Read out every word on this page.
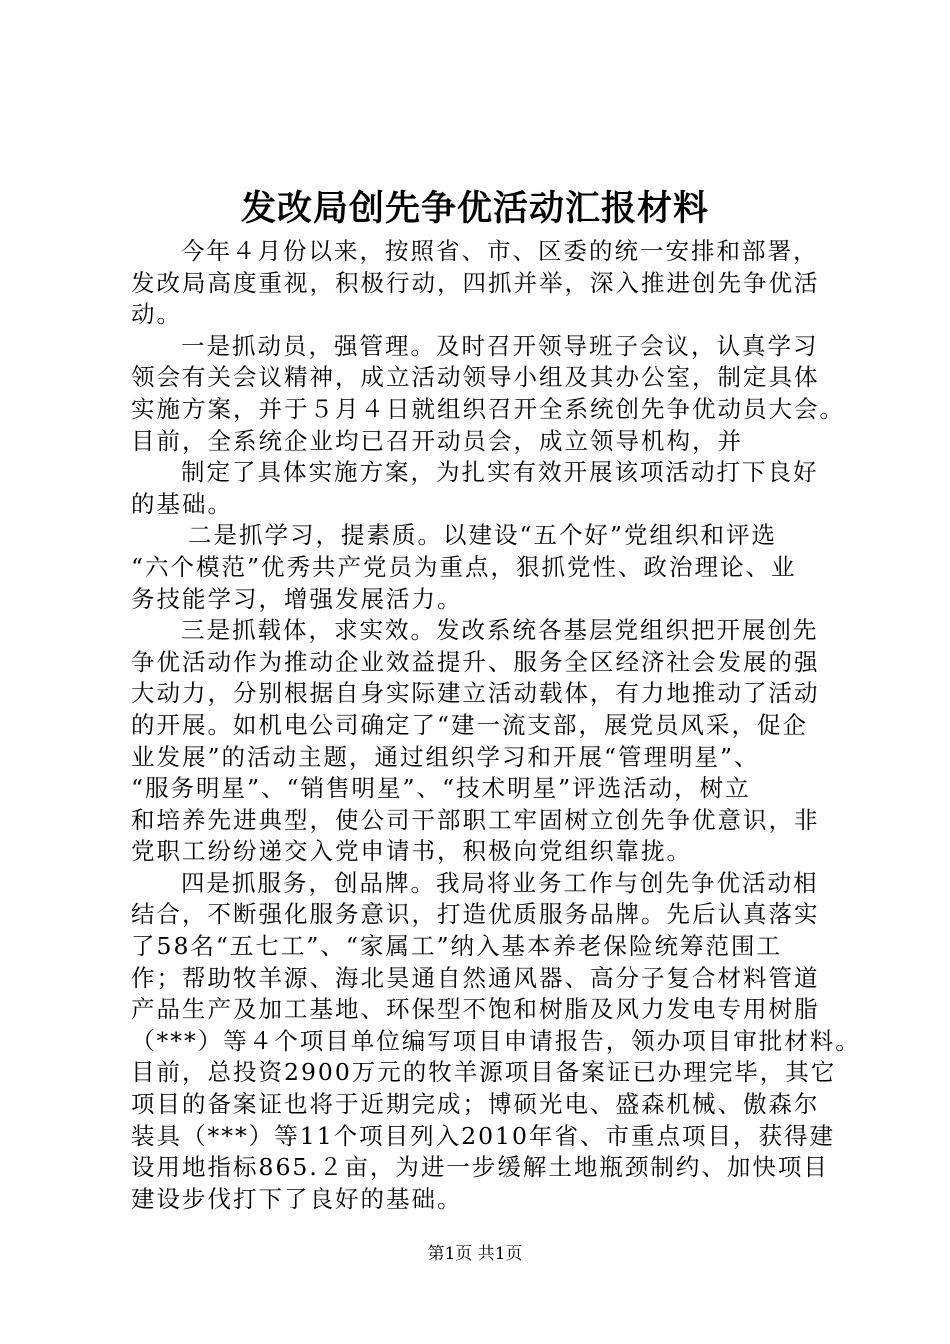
发改局创先争优活动汇报材料
今年４月份以来，按照省、市、区委的统一安排和部署，
发改局高度重视，积极行动，四抓并举，深入推进创先争优活
动。
一是抓动员，强管理。及时召开领导班子会议，认真学习
领会有关会议精神，成立活动领导小组及其办公室，制定具体
实施方案，并于５月４日就组织召开全系统创先争优动员大会。
目前，全系统企业均已召开动员会，成立领导机构，并
制定了具体实施方案，为扎实有效开展该项活动打下良好
的基础。
二是抓学习，提素质。以建设“五个好”党组织和评选
“六个模范”优秀共产党员为重点，狠抓党性、政治理论、业
务技能学习，增强发展活力。
三是抓载体，求实效。发改系统各基层党组织把开展创先
争优活动作为推动企业效益提升、服务全区经济社会发展的强
大动力，分别根据自身实际建立活动载体，有力地推动了活动
的开展。如机电公司确定了“建一流支部，展党员风采，促企
业发展”的活动主题，通过组织学习和开展“管理明星”、
“服务明星”、“销售明星”、“技术明星”评选活动，树立
和培养先进典型，使公司干部职工牢固树立创先争优意识，非
党职工纷纷递交入党申请书，积极向党组织靠拢。
四是抓服务，创品牌。我局将业务工作与创先争优活动相
结合，不断强化服务意识，打造优质服务品牌。先后认真落实
了58名“五七工”、“家属工”纳入基本养老保险统筹范围工
作；帮助牧羊源、海北昊通自然通风器、高分子复合材料管道
产品生产及加工基地、环保型不饱和树脂及风力发电专用树脂
（***）等４个项目单位编写项目申请报告，领办项目审批材料。
目前，总投资2900万元的牧羊源项目备案证已办理完毕，其它
项目的备案证也将于近期完成；博硕光电、盛森机械、傲森尔
装具（***）等11个项目列入2010年省、市重点项目，获得建
设用地指标865.２亩，为进一步缓解土地瓶颈制约、加快项目
建设步伐打下了良好的基础。
第1页 共1页
